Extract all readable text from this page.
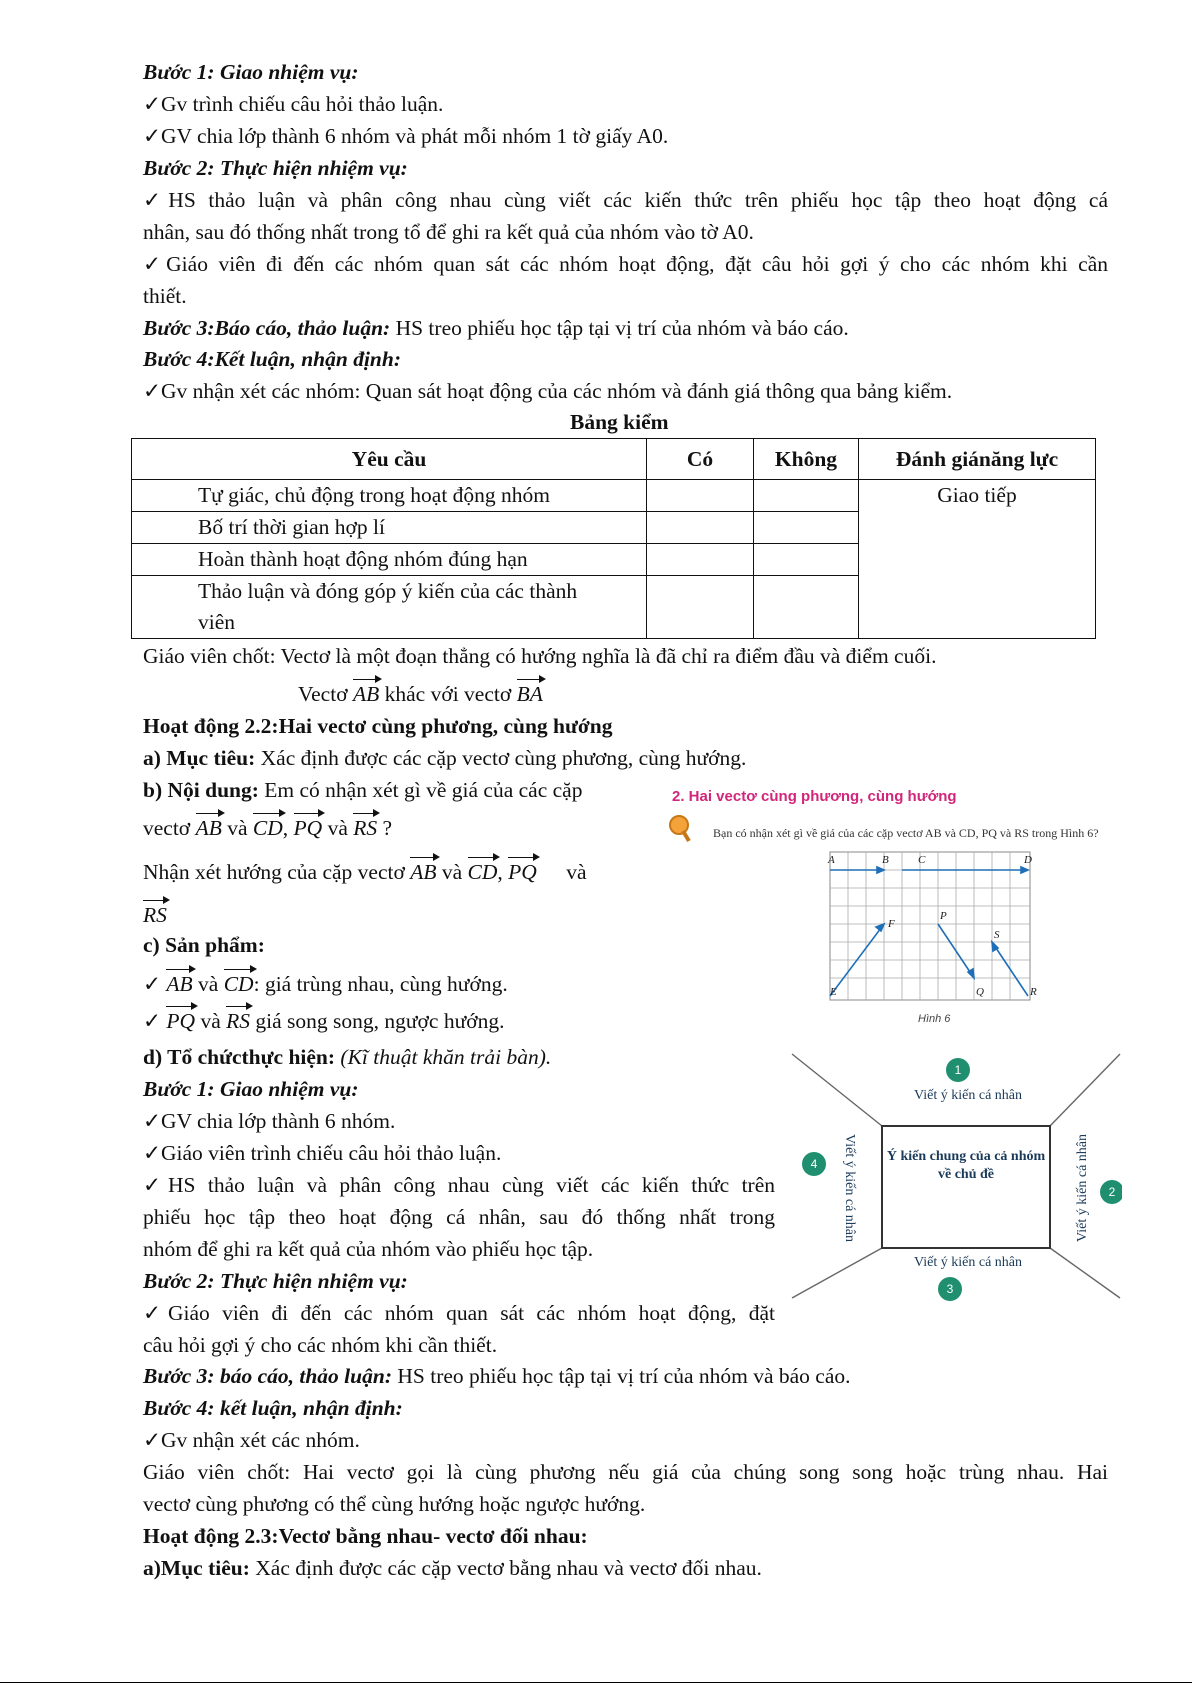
Bước 1: Giao nhiệm vụ:
✓Gv trình chiếu câu hỏi thảo luận.
✓GV chia lớp thành 6 nhóm và phát mỗi nhóm 1 tờ giấy A0.
Bước 2: Thực hiện nhiệm vụ:
✓HS thảo luận và phân công nhau cùng viết các kiến thức trên phiếu học tập theo hoạt động cá
nhân, sau đó thống nhất trong tổ để ghi ra kết quả của nhóm vào tờ A0.
✓Giáo viên đi đến các nhóm quan sát các nhóm hoạt động, đặt câu hỏi gợi ý cho các nhóm khi cần
thiết.
Bước 3:Báo cáo, thảo luận: HS treo phiếu học tập tại vị trí của nhóm và báo cáo.
Bước 4:Kết luận, nhận định:
✓Gv nhận xét các nhóm: Quan sát hoạt động của các nhóm và đánh giá thông qua bảng kiểm.
Bảng kiểm
Yêu cầu	Có	Không	Đánh giánăng lực
Tự giác, chủ động trong hoạt động nhóm			Giao tiếp
Bố trí thời gian hợp lí			
Hoàn thành hoạt động nhóm đúng hạn			
Thảo luận và đóng góp ý kiến của các thành
viên			
Giáo viên chốt: Vectơ là một đoạn thẳng có hướng nghĩa là đã chỉ ra điểm đầu và điểm cuối.
Vectơ AB khác với vectơ BA
Hoạt động 2.2:Hai vectơ cùng phương, cùng hướng
a) Mục tiêu: Xác định được các cặp vectơ cùng phương, cùng hướng.
b) Nội dung: Em có nhận xét gì về giá của các cặp
vectơ AB và CD, PQ và RS ?
Nhận xét hướng của cặp vectơ AB và CD, PQ và
RS
c) Sản phẩm:
✓ AB và CD: giá trùng nhau, cùng hướng.
✓ PQ và RS giá song song, ngược hướng.
d) Tổ chứcthực hiện: (Kĩ thuật khăn trải bàn).
Bước 1: Giao nhiệm vụ:
✓GV chia lớp thành 6 nhóm.
✓Giáo viên trình chiếu câu hỏi thảo luận.
✓HS thảo luận và phân công nhau cùng viết các kiến thức trên
phiếu học tập theo hoạt động cá nhân, sau đó thống nhất trong
nhóm để ghi ra kết quả của nhóm vào phiếu học tập.
Bước 2: Thực hiện nhiệm vụ:
✓Giáo viên đi đến các nhóm quan sát các nhóm hoạt động, đặt
câu hỏi gợi ý cho các nhóm khi cần thiết.
Bước 3: báo cáo, thảo luận: HS treo phiếu học tập tại vị trí của nhóm và báo cáo.
Bước 4: kết luận, nhận định:
✓Gv nhận xét các nhóm.
Giáo viên chốt: Hai vectơ gọi là cùng phương nếu giá của chúng song song hoặc trùng nhau. Hai
vectơ cùng phương có thể cùng hướng hoặc ngược hướng.
Hoạt động 2.3:Vectơ bằng nhau- vectơ đối nhau:
a)Mục tiêu: Xác định được các cặp vectơ bằng nhau và vectơ đối nhau.
2. Hai vectơ cùng phương, cùng hướng
Bạn có nhận xét gì về giá của các cặp vectơ AB và CD, PQ và RS trong Hình 6?
A	B	C	D
E
F
P
Q	R
S
Hình 6
1
2
3
4
Viết ý kiến cá nhân
Viết ý kiến cá nhân
Viết ý kiến cá nhân	Viết ý kiến cá nhân
Ý kiến chung của cả nhóm về chủ đề
